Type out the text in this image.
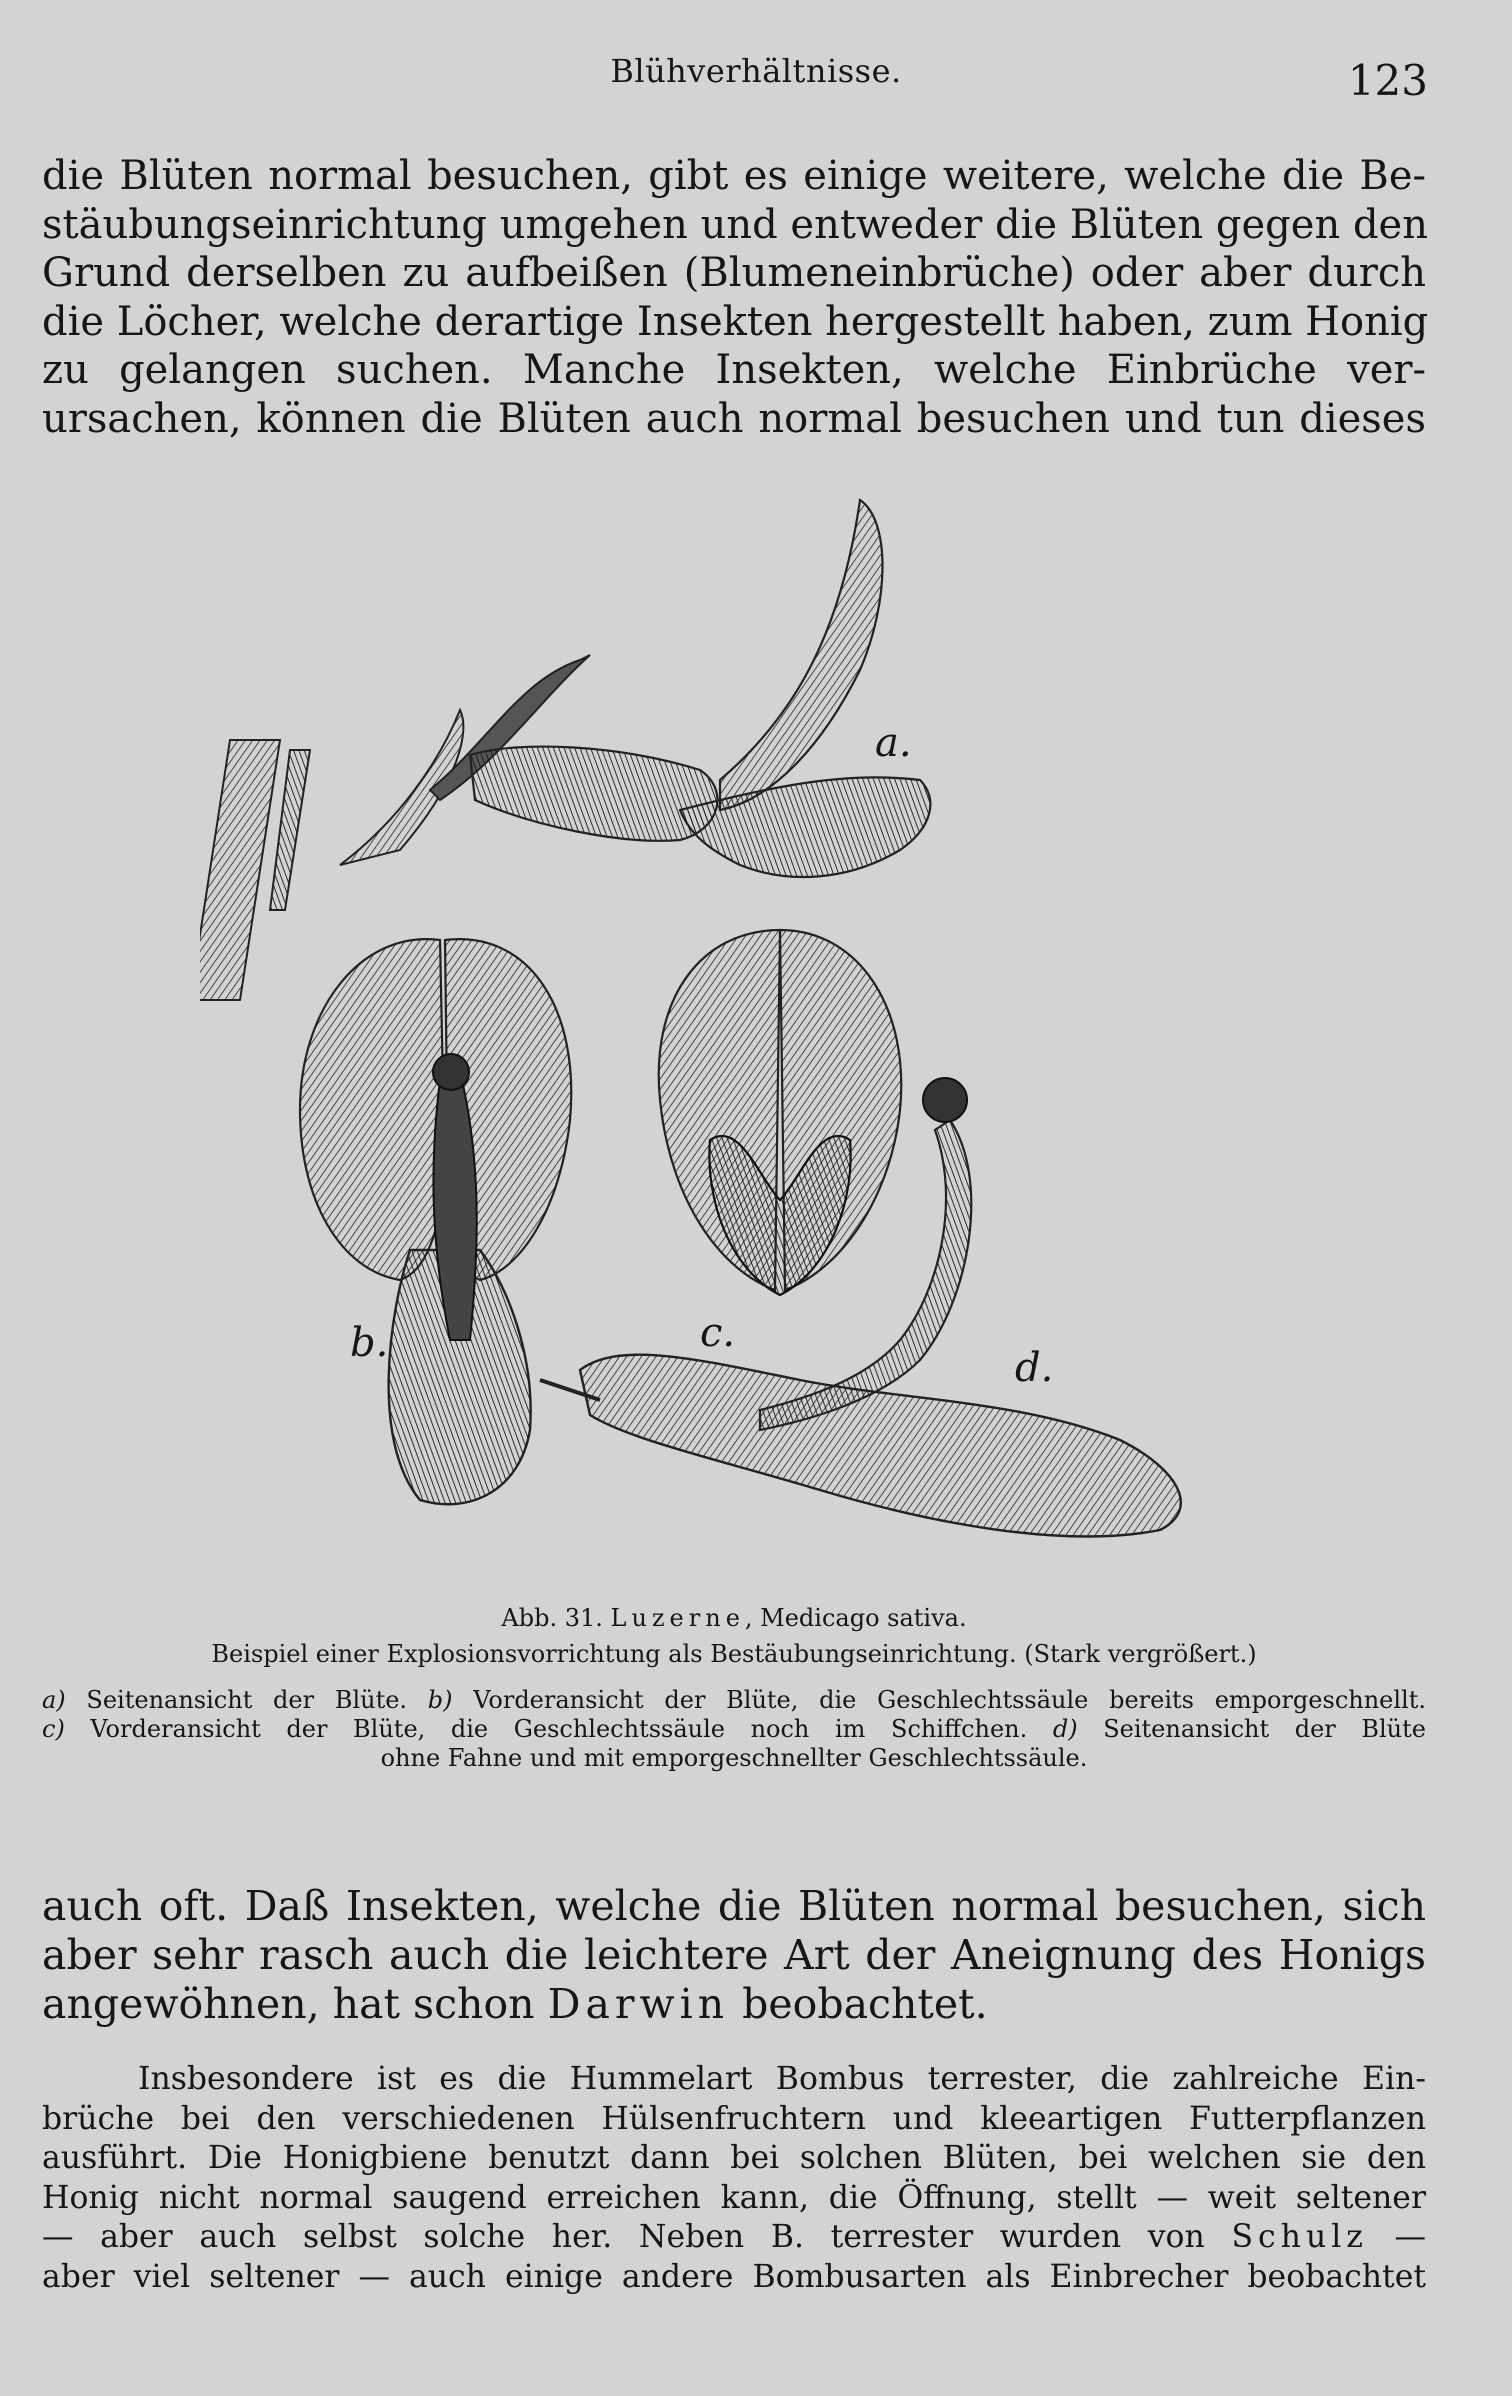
Blühverhältnisse.	123
die Blüten normal besuchen, gibt es einige weitere, welche die Be-
stäubungseinrichtung umgehen und entweder die Blüten gegen den
Grund derselben zu aufbeißen (Blumeneinbrüche) oder aber durch
die Löcher, welche derartige Insekten hergestellt haben, zum Honig
zu gelangen suchen. Manche Insekten, welche Einbrüche ver-
ursachen, können die Blüten auch normal besuchen und tun dieses
a.
b.	c.
d.
Abb. 31. Luzerne, Medicago sativa.
Beispiel einer Explosionsvorrichtung als Bestäubungseinrichtung. (Stark vergrößert.)
a) Seitenansicht der Blüte. b) Vorderansicht der Blüte, die Geschlechtssäule bereits emporgeschnellt.
c) Vorderansicht der Blüte, die Geschlechtssäule noch im Schiffchen. d) Seitenansicht der Blüte
ohne Fahne und mit emporgeschnellter Geschlechtssäule.
auch oft. Daß Insekten, welche die Blüten normal besuchen, sich
aber sehr rasch auch die leichtere Art der Aneignung des Honigs
angewöhnen, hat schon Darwin beobachtet.
Insbesondere ist es die Hummelart Bombus terrester, die zahlreiche Ein-
brüche bei den verschiedenen Hülsenfruchtern und kleeartigen Futterpflanzen
ausführt. Die Honigbiene benutzt dann bei solchen Blüten, bei welchen sie den
Honig nicht normal saugend erreichen kann, die Öffnung, stellt — weit seltener
— aber auch selbst solche her. Neben B. terrester wurden von Schulz —
aber viel seltener — auch einige andere Bombusarten als Einbrecher beobachtet
